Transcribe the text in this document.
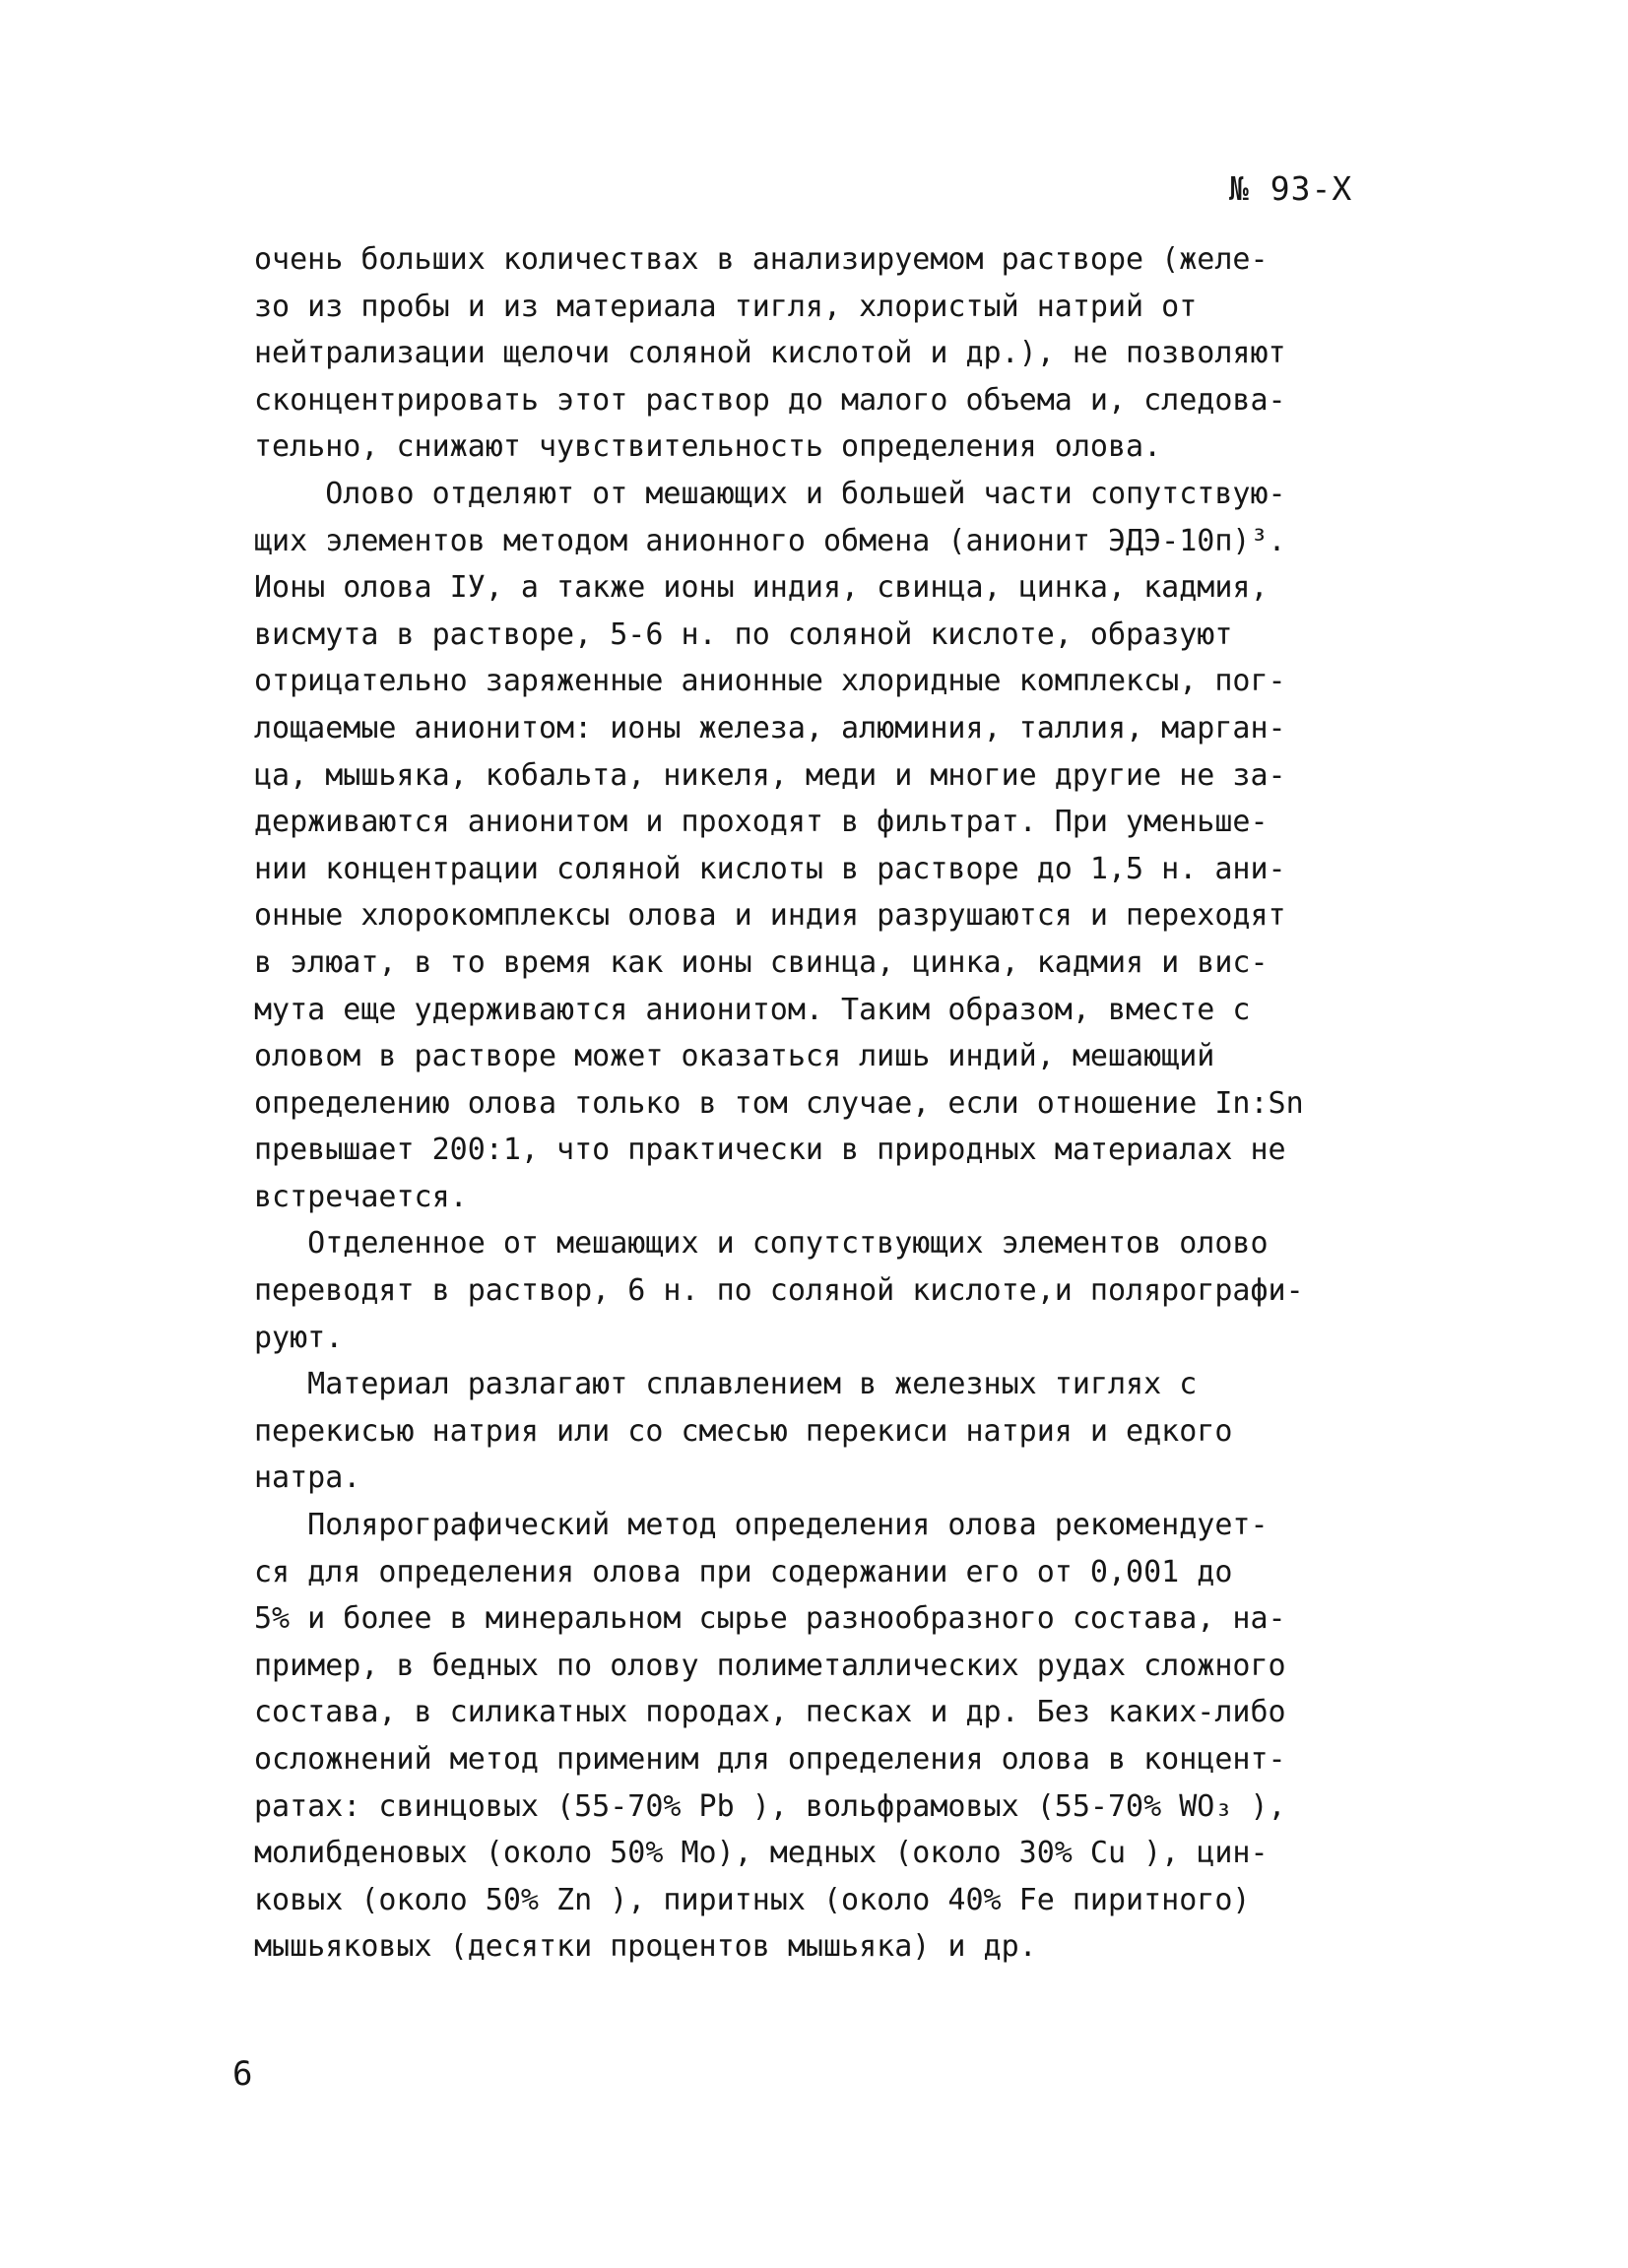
№ 93-Х
очень больших количествах в анализируемом растворе (желе-
зо из пробы и из материала тигля, хлористый натрий от
нейтрализации щелочи соляной кислотой и др.), не позволяют
сконцентрировать этот раствор до малого объема и, следова-
тельно, снижают чувствительность определения олова.
Олово отделяют от мешающих и большей части сопутствую-
щих элементов методом анионного обмена (анионит ЭДЭ-10п)³.
Ионы олова IУ, а также ионы индия, свинца, цинка, кадмия,
висмута в растворе, 5-6 н. по соляной кислоте, образуют
отрицательно заряженные анионные хлоридные комплексы, пог-
лощаемые анионитом: ионы железа, алюминия, таллия, марган-
ца, мышьяка, кобальта, никеля, меди и многие другие не за-
держиваются анионитом и проходят в фильтрат. При уменьше-
нии концентрации соляной кислоты в растворе до 1,5 н. ани-
онные хлорокомплексы олова и индия разрушаются и переходят
в элюат, в то время как ионы свинца, цинка, кадмия и вис-
мута еще удерживаются анионитом. Таким образом, вместе с
оловом в растворе может оказаться лишь индий, мешающий
определению олова только в том случае, если отношение In:Sn
превышает 200:1, что практически в природных материалах не
встречается.
Отделенное от мешающих и сопутствующих элементов олово
переводят в раствор, 6 н. по соляной кислоте,и полярографи-
руют.
Материал разлагают сплавлением в железных тиглях с
перекисью натрия или со смесью перекиси натрия и едкого
натра.
Полярографический метод определения олова рекомендует-
ся для определения олова при содержании его от 0,001 до
5% и более в минеральном сырье разнообразного состава, на-
пример, в бедных по олову полиметаллических рудах сложного
состава, в силикатных породах, песках и др. Без каких-либо
осложнений метод применим для определения олова в концент-
ратах: свинцовых (55-70% Pb ), вольфрамовых (55-70% WO₃ ),
молибденовых (около 50% Mo), медных (около 30% Cu ), цин-
ковых (около 50% Zn ), пиритных (около 40% Fe пиритного)
мышьяковых (десятки процентов мышьяка) и др.
6
